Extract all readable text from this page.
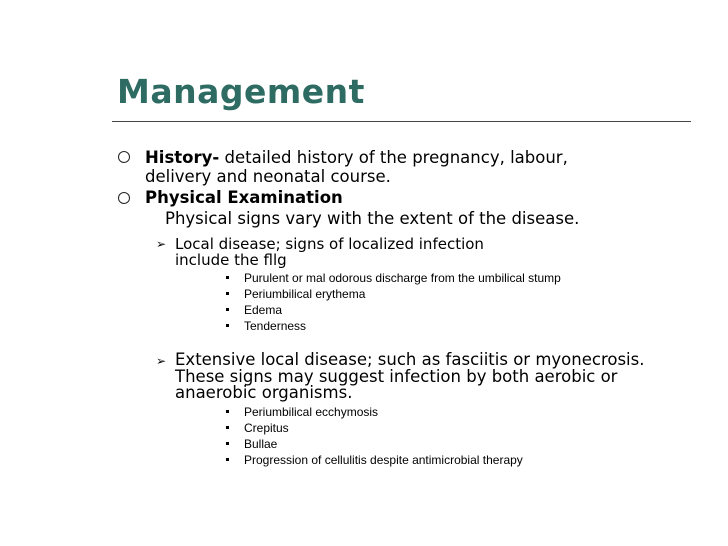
Management
History- detailed history of the pregnancy, labour,
delivery and neonatal course.
Physical Examination
Physical signs vary with the extent of the disease.
➢ Local disease; signs of localized infection
include the fllg
Purulent or mal odorous discharge from the umbilical stump
Periumbilical erythema
Edema
Tenderness
➢ Extensive local disease; such as fasciitis or myonecrosis.
These signs may suggest infection by both aerobic or
anaerobic organisms.
Periumbilical ecchymosis
Crepitus
Bullae
Progression of cellulitis despite antimicrobial therapy
